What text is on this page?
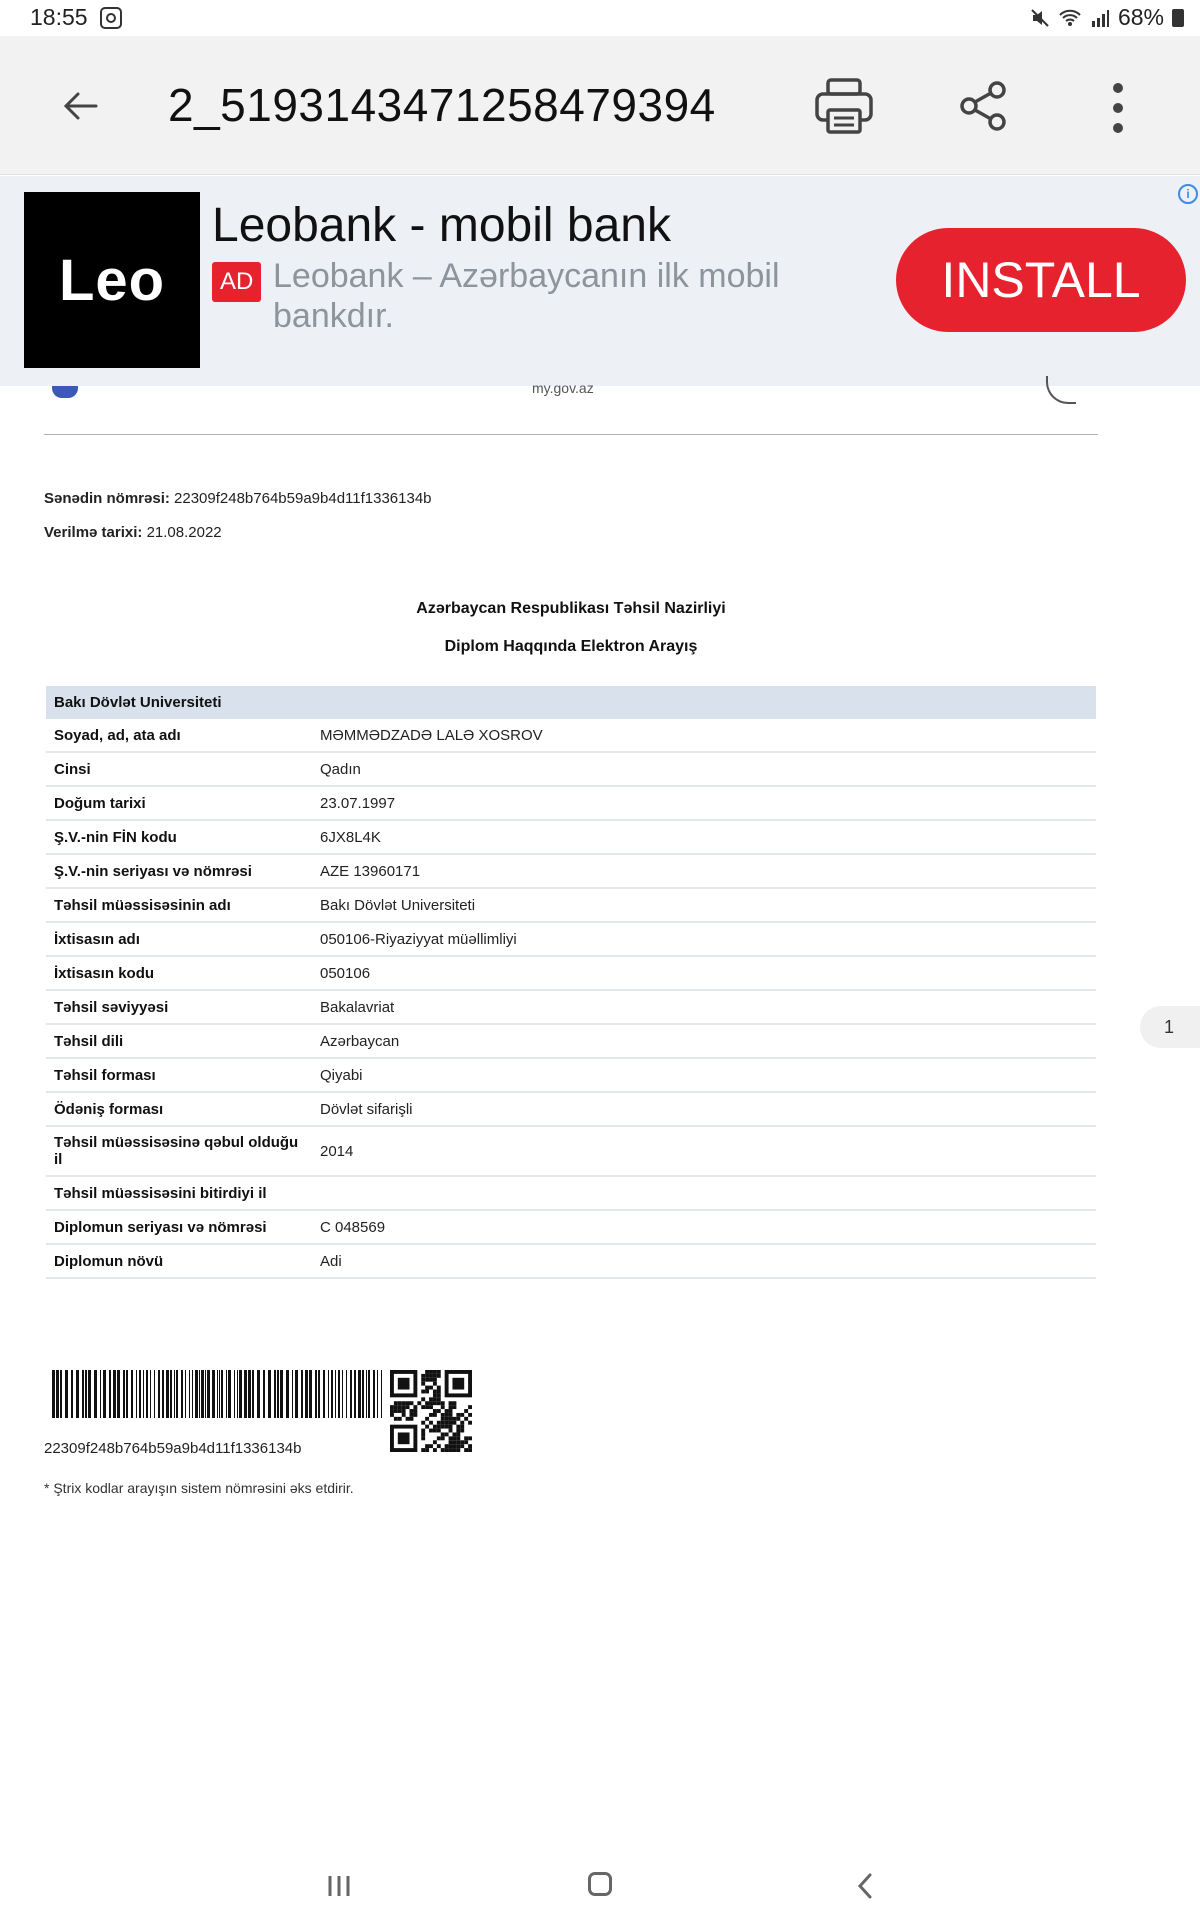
18:55	68%
2_5193143471258479394
Leo
Leobank - mobil bank
AD Leobank – Azərbaycanın ilk mobil bankdır.
INSTALL
i
my.gov.az
Sənədin nömrəsi: 22309f248b764b59a9b4d11f1336134b
Verilmə tarixi: 21.08.2022
Azərbaycan Respublikası Təhsil Nazirliyi
Diplom Haqqında Elektron Arayış
Bakı Dövlət Universiteti	
Soyad, ad, ata adı	MƏMMƏDZADƏ LALƏ XOSROV
Cinsi	Qadın
Doğum tarixi	23.07.1997
Ş.V.-nin FİN kodu	6JX8L4K
Ş.V.-nin seriyası və nömrəsi	AZE 13960171
Təhsil müəssisəsinin adı	Bakı Dövlət Universiteti
İxtisasın adı	050106-Riyaziyyat müəllimliyi
İxtisasın kodu	050106
Təhsil səviyyəsi	Bakalavriat
Təhsil dili	Azərbaycan
Təhsil forması	Qiyabi
Ödəniş forması	Dövlət sifarişli
Təhsil müəssisəsinə qəbul olduğu il	2014
Təhsil müəssisəsini bitirdiyi il	
Diplomun seriyası və nömrəsi	C 048569
Diplomun növü	Adi
22309f248b764b59a9b4d11f1336134b
* Ştrix kodlar arayışın sistem nömrəsini əks etdirir.
1
